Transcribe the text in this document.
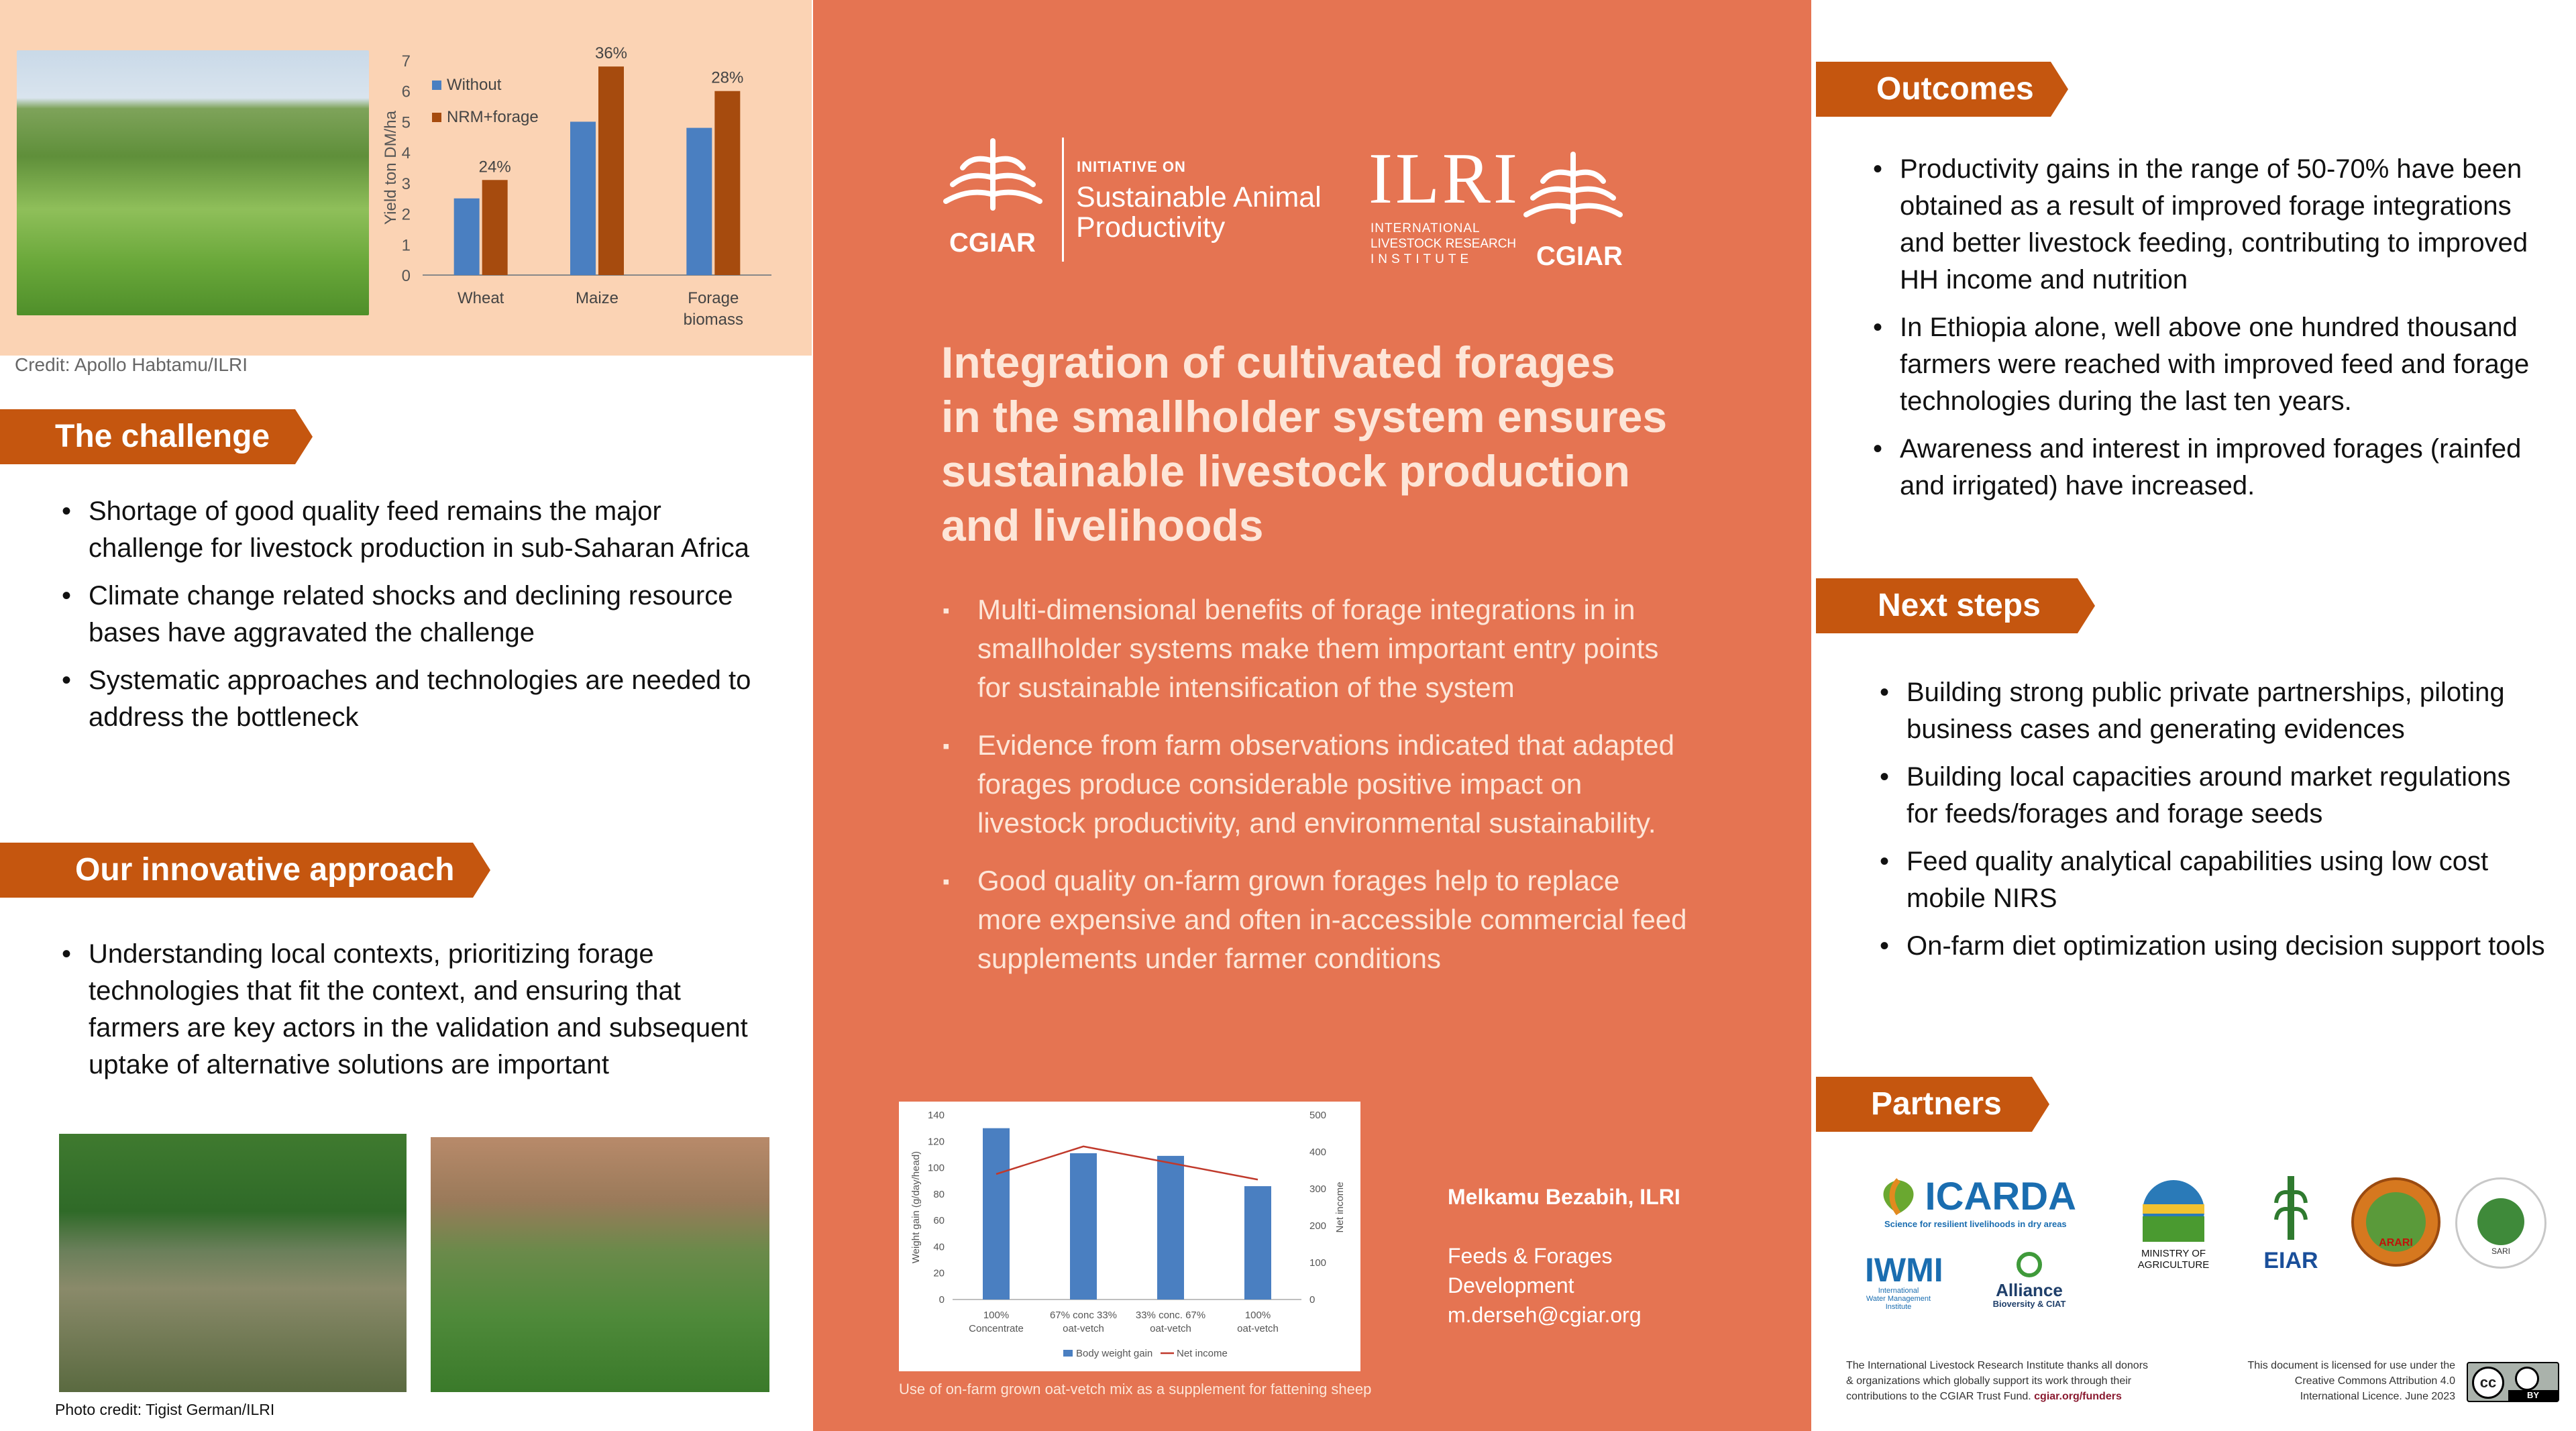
0
1
2
3
4
5
6
7
Yield ton DM/ha	24%
Wheat
36%
Maize
28%
Forage
biomass
Without
NRM+forage
Credit: Apollo Habtamu/ILRI
The challenge
• Shortage of good quality feed remains the major challenge for livestock production in sub-Saharan Africa
• Climate change related shocks and declining resource bases have aggravated the challenge
• Systematic approaches and technologies are needed to address the bottleneck
Our innovative approach
• Understanding local contexts, prioritizing forage technologies that fit the context, and ensuring that farmers are key actors in the validation and subsequent uptake of alternative solutions are important
Photo credit: Tigist German/ILRI
CGIAR
INITIATIVE ON
Sustainable Animal
Productivity
ILRI
INTERNATIONAL
LIVESTOCK RESEARCH
INSTITUTE CGIAR
Integration of cultivated forages
in the smallholder system ensures
sustainable livestock production
and livelihoods
▪ Multi-dimensional benefits of forage integrations in in smallholder systems make them important entry points for sustainable intensification of the system
▪ Evidence from farm observations indicated that adapted forages produce considerable positive impact on livestock productivity, and environmental sustainability.
▪ Good quality on-farm grown forages help to replace more expensive and often in-accessible commercial feed supplements under farmer conditions
0
20
40
60
80
100
120
140
0
100
200
300
400
500
Weight gain (g/day/head)	Net income
100%
Concentrate
67% conc 33%
oat-vetch
33% conc. 67%
oat-vetch
100%
oat-vetch
Body weight gain Net income
Use of on-farm grown oat-vetch mix as a supplement for fattening sheep
Melkamu Bezabih, ILRI
Feeds & Forages
Development
m.derseh@cgiar.org
Outcomes
• Productivity gains in the range of 50-70% have been obtained as a result of improved forage integrations and better livestock feeding, contributing to improved HH income and nutrition
• In Ethiopia alone, well above one hundred thousand farmers were reached with improved feed and forage technologies during the last ten years.
• Awareness and interest in improved forages (rainfed and irrigated) have increased.
Next steps
• Building strong public private partnerships, piloting business cases and generating evidences
• Building local capacities around market regulations for feeds/forages and forage seeds
• Feed quality analytical capabilities using low cost mobile NIRS
• On-farm diet optimization using decision support tools
Partners
ICARDA
Science for resilient livelihoods in dry areas
IWMI
International
Water Management
Institute
Alliance
Bioversity & CIAT
MINISTRY OF AGRICULTURE	EIAR
ARARI
SARI
The International Livestock Research Institute thanks all donors
& organizations which globally support its work through their
contributions to the CGIAR Trust Fund. cgiar.org/funders
This document is licensed for use under the
Creative Commons Attribution 4.0
International Licence. June 2023
cc
BY
